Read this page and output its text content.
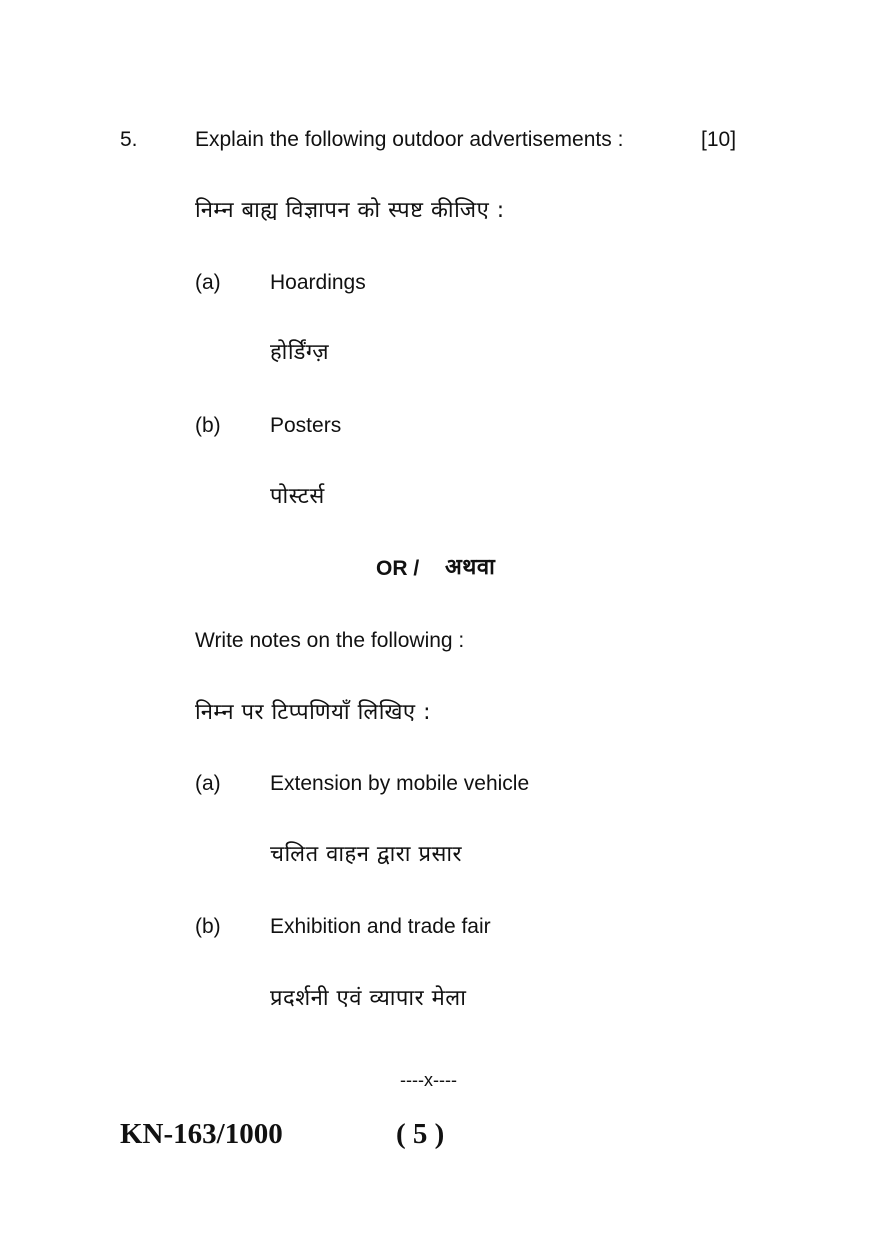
5.	Explain the following outdoor advertisements :	[10]
निम्न बाह्य विज्ञापन को स्पष्ट कीजिए :
(a) Hoardings
होर्डिंग्ज़
(b) Posters
पोस्टर्स
OR / अथवा
Write notes on the following :
निम्न पर टिप्पणियाँ लिखिए :
(a) Extension by mobile vehicle
चलित वाहन द्वारा प्रसार
(b) Exhibition and trade fair
प्रदर्शनी एवं व्यापार मेला
----x----
KN-163/1000	( 5 )
